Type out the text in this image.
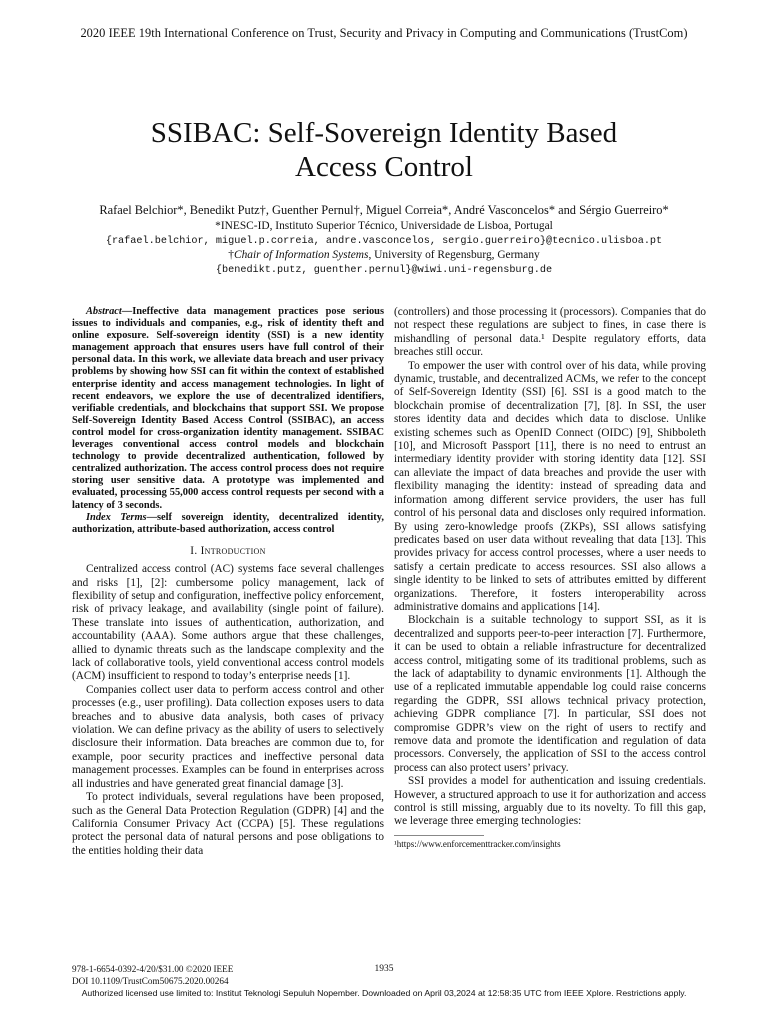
2020 IEEE 19th International Conference on Trust, Security and Privacy in Computing and Communications (TrustCom)
SSIBAC: Self-Sovereign Identity Based
Access Control
Rafael Belchior*, Benedikt Putz†, Guenther Pernul†, Miguel Correia*, André Vasconcelos* and Sérgio Guerreiro*
*INESC-ID, Instituto Superior Técnico, Universidade de Lisboa, Portugal
{rafael.belchior, miguel.p.correia, andre.vasconcelos, sergio.guerreiro}@tecnico.ulisboa.pt
†Chair of Information Systems, University of Regensburg, Germany
{benedikt.putz, guenther.pernul}@wiwi.uni-regensburg.de

Abstract—Ineffective data management practices pose serious issues to individuals and companies, e.g., risk of identity theft and online exposure. Self-sovereign identity (SSI) is a new identity management approach that ensures users have full control of their personal data. In this work, we alleviate data breach and user privacy problems by showing how SSI can fit within the context of established enterprise identity and access management technologies. In light of recent endeavors, we explore the use of decentralized identifiers, verifiable credentials, and blockchains that support SSI. We propose Self-Sovereign Identity Based Access Control (SSIBAC), an access control model for cross-organization identity management. SSIBAC leverages conventional access control models and blockchain technology to provide decentralized authentication, followed by centralized authorization. The access control process does not require storing user sensitive data. A prototype was implemented and evaluated, processing 55,000 access control requests per second with a latency of 3 seconds.

Index Terms—self sovereign identity, decentralized identity, authorization, attribute-based authorization, access control

I. Introduction

Centralized access control (AC) systems face several challenges and risks [1], [2]: cumbersome policy management, lack of flexibility of setup and configuration, ineffective policy enforcement, risk of privacy leakage, and availability (single point of failure). These translate into issues of authentication, authorization, and accountability (AAA). Some authors argue that these challenges, allied to dynamic threats such as the landscape complexity and the lack of collaborative tools, yield conventional access control models (ACM) insufficient to respond to today’s enterprise needs [1].

Companies collect user data to perform access control and other processes (e.g., user profiling). Data collection exposes users to data breaches and to abusive data analysis, both cases of privacy violation. We can define privacy as the ability of users to selectively disclosure their information. Data breaches are common due to, for example, poor security practices and ineffective personal data management processes. Examples can be found in enterprises across all industries and have generated great financial damage [3].

To protect individuals, several regulations have been proposed, such as the General Data Protection Regulation (GDPR) [4] and the California Consumer Privacy Act (CCPA) [5]. These regulations protect the personal data of natural persons and pose obligations to the entities holding their data

(controllers) and those processing it (processors). Companies that do not respect these regulations are subject to fines, in case there is mishandling of personal data.¹ Despite regulatory efforts, data breaches still occur.

To empower the user with control over of his data, while proving dynamic, trustable, and decentralized ACMs, we refer to the concept of Self-Sovereign Identity (SSI) [6]. SSI is a good match to the blockchain promise of decentralization [7], [8]. In SSI, the user stores identity data and decides which data to disclose. Unlike existing schemes such as OpenID Connect (OIDC) [9], Shibboleth [10], and Microsoft Passport [11], there is no need to entrust an intermediary identity provider with storing identity data [12]. SSI can alleviate the impact of data breaches and provide the user with flexibility managing the identity: instead of spreading data and information among different service providers, the user has full control of his personal data and discloses only required information. By using zero-knowledge proofs (ZKPs), SSI allows satisfying predicates based on user data without revealing that data [13]. This provides privacy for access control processes, where a user needs to satisfy a certain predicate to access resources. SSI also allows a single identity to be linked to sets of attributes emitted by different organizations. Therefore, it fosters interoperability across administrative domains and applications [14].

Blockchain is a suitable technology to support SSI, as it is decentralized and supports peer-to-peer interaction [7]. Furthermore, it can be used to obtain a reliable infrastructure for decentralized access control, mitigating some of its traditional problems, such as the lack of adaptability to dynamic environments [1]. Although the use of a replicated immutable appendable log could raise concerns regarding the GDPR, SSI allows technical privacy protection, achieving GDPR compliance [7]. In particular, SSI does not compromise GDPR’s view on the right of users to rectify and remove data and promote the identification and regulation of data processors. Conversely, the application of SSI to the access control process can also protect users’ privacy.

SSI provides a model for authentication and issuing credentials. However, a structured approach to use it for authorization and access control is still missing, arguably due to its novelty. To fill this gap, we leverage three emerging technologies:

¹https://www.enforcementtracker.com/insights
978-1-6654-0392-4/20/$31.00 ©2020 IEEE
DOI 10.1109/TrustCom50675.2020.00264
1935
Authorized licensed use limited to: Institut Teknologi Sepuluh Nopember. Downloaded on April 03,2024 at 12:58:35 UTC from IEEE Xplore. Restrictions apply.
